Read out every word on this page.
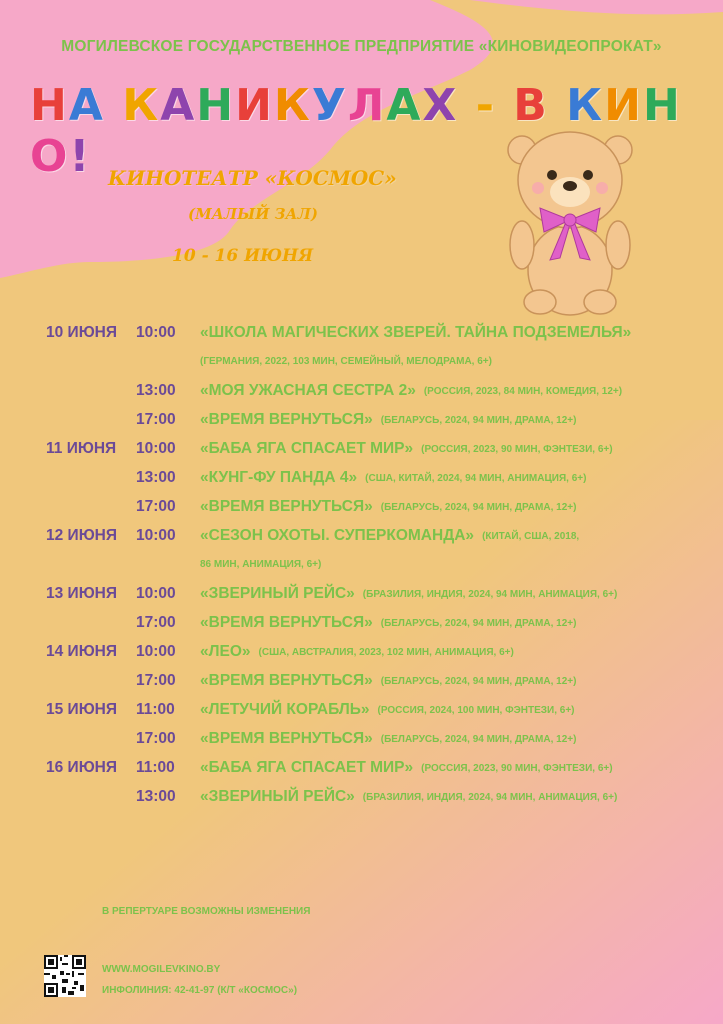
МОГИЛЕВСКОЕ ГОСУДАРСТВЕННОЕ ПРЕДПРИЯТИЕ «КИНОВИДЕОПРОКАТ»
НА КАНИКУЛАХ - В КИНО! КИНОТЕАТР «КОСМОС»
(МАЛЫЙ ЗАЛ)
10 - 16 ИЮНЯ
10 ИЮНЯ 10:00 «ШКОЛА МАГИЧЕСКИХ ЗВЕРЕЙ. ТАЙНА ПОДЗЕМЕЛЬЯ»
(ГЕРМАНИЯ, 2022, 103 МИН, СЕМЕЙНЫЙ, МЕЛОДРАМА, 6+)
13:00 «МОЯ УЖАСНАЯ СЕСТРА 2» (РОССИЯ, 2023, 84 МИН, КОМЕДИЯ, 12+)
17:00 «ВРЕМЯ ВЕРНУТЬСЯ» (БЕЛАРУСЬ, 2024, 94 МИН, ДРАМА, 12+)
11 ИЮНЯ 10:00 «БАБА ЯГА СПАСАЕТ МИР» (РОССИЯ, 2023, 90 МИН, ФЭНТЕЗИ, 6+)
13:00 «КУНГ-ФУ ПАНДА 4» (США, КИТАЙ, 2024, 94 МИН, АНИМАЦИЯ, 6+)
17:00 «ВРЕМЯ ВЕРНУТЬСЯ» (БЕЛАРУСЬ, 2024, 94 МИН, ДРАМА, 12+)
12 ИЮНЯ 10:00 «СЕЗОН ОХОТЫ. СУПЕРКОМАНДА» (КИТАЙ, США, 2018,
86 МИН, АНИМАЦИЯ, 6+)
13 ИЮНЯ 10:00 «ЗВЕРИНЫЙ РЕЙС» (БРАЗИЛИЯ, ИНДИЯ, 2024, 94 МИН, АНИМАЦИЯ, 6+)
17:00 «ВРЕМЯ ВЕРНУТЬСЯ» (БЕЛАРУСЬ, 2024, 94 МИН, ДРАМА, 12+)
14 ИЮНЯ 10:00 «ЛЕО» (США, АВСТРАЛИЯ, 2023, 102 МИН, АНИМАЦИЯ, 6+)
17:00 «ВРЕМЯ ВЕРНУТЬСЯ» (БЕЛАРУСЬ, 2024, 94 МИН, ДРАМА, 12+)
15 ИЮНЯ 11:00 «ЛЕТУЧИЙ КОРАБЛЬ» (РОССИЯ, 2024, 100 МИН, ФЭНТЕЗИ, 6+)
17:00 «ВРЕМЯ ВЕРНУТЬСЯ» (БЕЛАРУСЬ, 2024, 94 МИН, ДРАМА, 12+)
16 ИЮНЯ 11:00 «БАБА ЯГА СПАСАЕТ МИР» (РОССИЯ, 2023, 90 МИН, ФЭНТЕЗИ, 6+)
13:00 «ЗВЕРИНЫЙ РЕЙС» (БРАЗИЛИЯ, ИНДИЯ, 2024, 94 МИН, АНИМАЦИЯ, 6+)
В РЕПЕРТУАРЕ ВОЗМОЖНЫ ИЗМЕНЕНИЯ
WWW.MOGILEVKINO.BY
ИНФОЛИНИЯ: 42-41-97 (К/Т «КОСМОС»)
